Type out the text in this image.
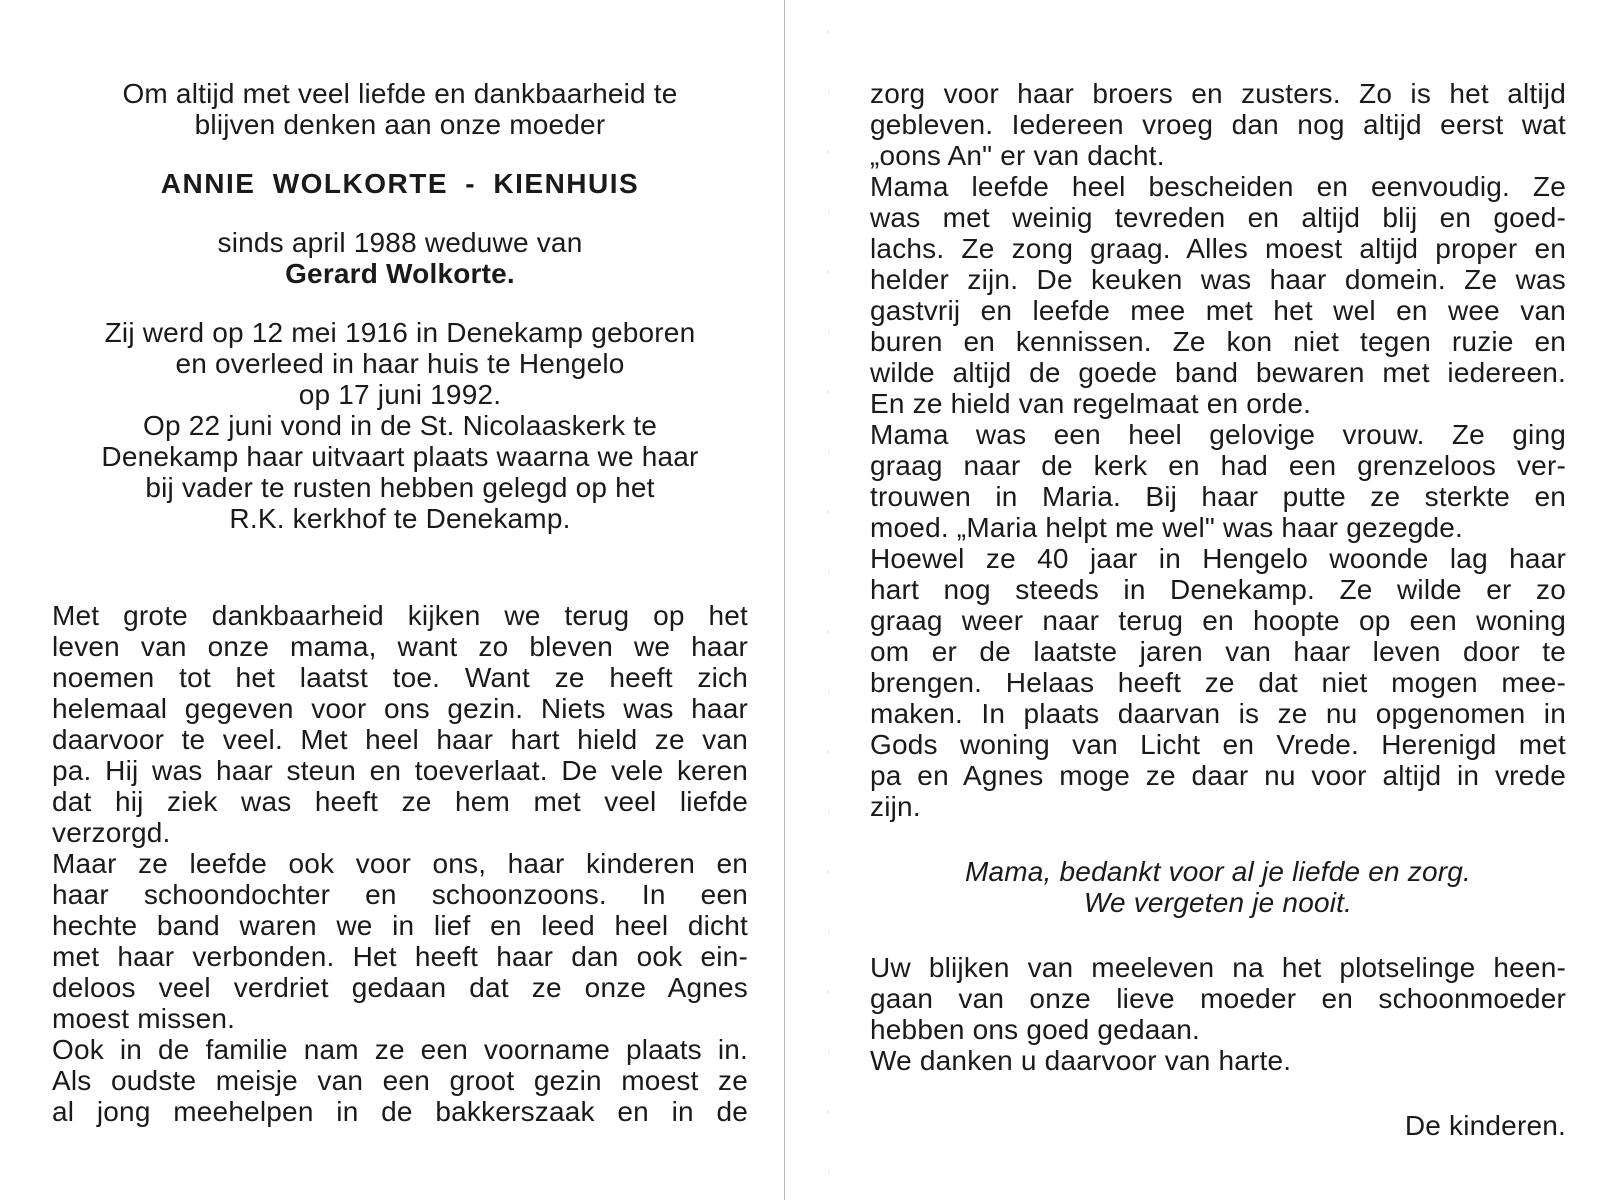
Om altijd met veel liefde en dankbaarheid te

blijven denken aan onze moeder

ANNIE WOLKORTE - KIENHUIS

sinds april 1988 weduwe van

Gerard Wolkorte.

Zij werd op 12 mei 1916 in Denekamp geboren

en overleed in haar huis te Hengelo

op 17 juni 1992.

Op 22 juni vond in de St. Nicolaaskerk te

Denekamp haar uitvaart plaats waarna we haar

bij vader te rusten hebben gelegd op het

R.K. kerkhof te Denekamp.

Met grote dankbaarheid kijken we terug op het

leven van onze mama, want zo bleven we haar

noemen tot het laatst toe. Want ze heeft zich

helemaal gegeven voor ons gezin. Niets was haar

daarvoor te veel. Met heel haar hart hield ze van

pa. Hij was haar steun en toeverlaat. De vele keren

dat hij ziek was heeft ze hem met veel liefde

verzorgd.

Maar ze leefde ook voor ons, haar kinderen en

haar schoondochter en schoonzoons. In een

hechte band waren we in lief en leed heel dicht

met haar verbonden. Het heeft haar dan ook ein-

deloos veel verdriet gedaan dat ze onze Agnes

moest missen.

Ook in de familie nam ze een voorname plaats in.

Als oudste meisje van een groot gezin moest ze

al jong meehelpen in de bakkerszaak en in de

zorg voor haar broers en zusters. Zo is het altijd

gebleven. Iedereen vroeg dan nog altijd eerst wat

„oons An" er van dacht.

Mama leefde heel bescheiden en eenvoudig. Ze

was met weinig tevreden en altijd blij en goed-

lachs. Ze zong graag. Alles moest altijd proper en

helder zijn. De keuken was haar domein. Ze was

gastvrij en leefde mee met het wel en wee van

buren en kennissen. Ze kon niet tegen ruzie en

wilde altijd de goede band bewaren met iedereen.

En ze hield van regelmaat en orde.

Mama was een heel gelovige vrouw. Ze ging

graag naar de kerk en had een grenzeloos ver-

trouwen in Maria. Bij haar putte ze sterkte en

moed. „Maria helpt me wel" was haar gezegde.

Hoewel ze 40 jaar in Hengelo woonde lag haar

hart nog steeds in Denekamp. Ze wilde er zo

graag weer naar terug en hoopte op een woning

om er de laatste jaren van haar leven door te

brengen. Helaas heeft ze dat niet mogen mee-

maken. In plaats daarvan is ze nu opgenomen in

Gods woning van Licht en Vrede. Herenigd met

pa en Agnes moge ze daar nu voor altijd in vrede

zijn.

Mama, bedankt voor al je liefde en zorg.

We vergeten je nooit.

Uw blijken van meeleven na het plotselinge heen-

gaan van onze lieve moeder en schoonmoeder

hebben ons goed gedaan.

We danken u daarvoor van harte.

De kinderen.
